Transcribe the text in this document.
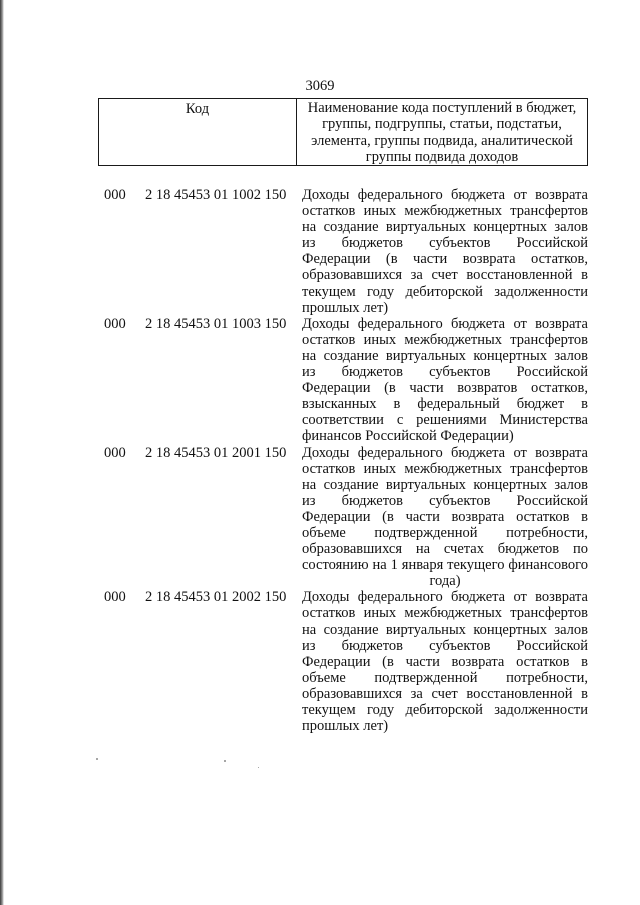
3069
Код	Наименование кода поступлений в бюджет, группы, подгруппы, статьи, подстатьи, элемента, группы подвида, аналитической группы подвида доходов
000 2 18 45453 01 1002 150 Доходы федерального бюджета от возврата
остатков иных межбюджетных трансфертов
на создание виртуальных концертных залов
из бюджетов субъектов Российской
Федерации (в части возврата остатков,
образовавшихся за счет восстановленной в
текущем году дебиторской задолженности
прошлых лет)
000 2 18 45453 01 1003 150 Доходы федерального бюджета от возврата
остатков иных межбюджетных трансфертов
на создание виртуальных концертных залов
из бюджетов субъектов Российской
Федерации (в части возвратов остатков,
взысканных в федеральный бюджет в
соответствии с решениями Министерства
финансов Российской Федерации)
000 2 18 45453 01 2001 150 Доходы федерального бюджета от возврата
остатков иных межбюджетных трансфертов
на создание виртуальных концертных залов
из бюджетов субъектов Российской
Федерации (в части возврата остатков в
объеме подтвержденной потребности,
образовавшихся на счетах бюджетов по
состоянию на 1 января текущего финансового
года)
000 2 18 45453 01 2002 150 Доходы федерального бюджета от возврата
остатков иных межбюджетных трансфертов
на создание виртуальных концертных залов
из бюджетов субъектов Российской
Федерации (в части возврата остатков в
объеме подтвержденной потребности,
образовавшихся за счет восстановленной в
текущем году дебиторской задолженности
прошлых лет)
